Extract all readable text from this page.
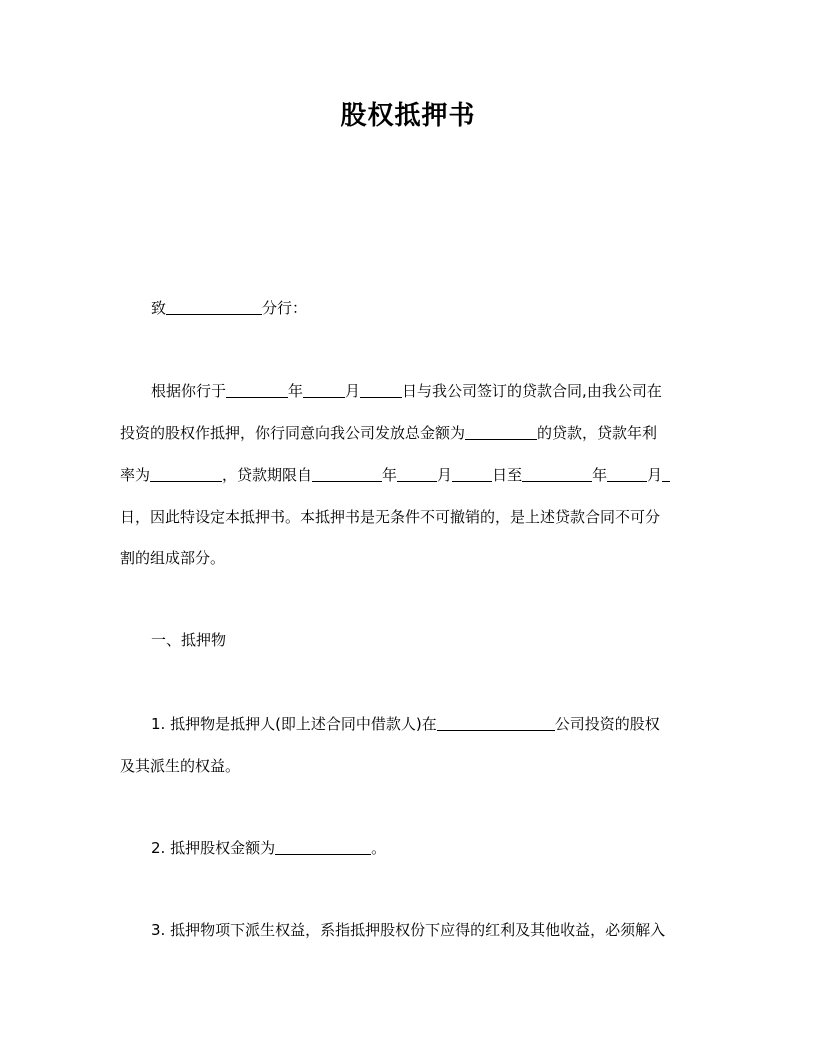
股权抵押书
致	分行：
根据你行于	年	月	日与我公司签订的贷款合同,由我公司在
投资的股权作抵押，你行同意向我公司发放总金额为	的贷款，贷款年利
率为	，贷款期限自	年	月	日至	年	月
日，因此特设定本抵押书。本抵押书是无条件不可撤销的，是上述贷款合同不可分
割的组成部分。
一、抵押物
1. 抵押物是抵押人(即上述合同中借款人)在	公司投资的股权
及其派生的权益。
2. 抵押股权金额为	。
3. 抵押物项下派生权益，系指抵押股权份下应得的红利及其他收益，必须解入
